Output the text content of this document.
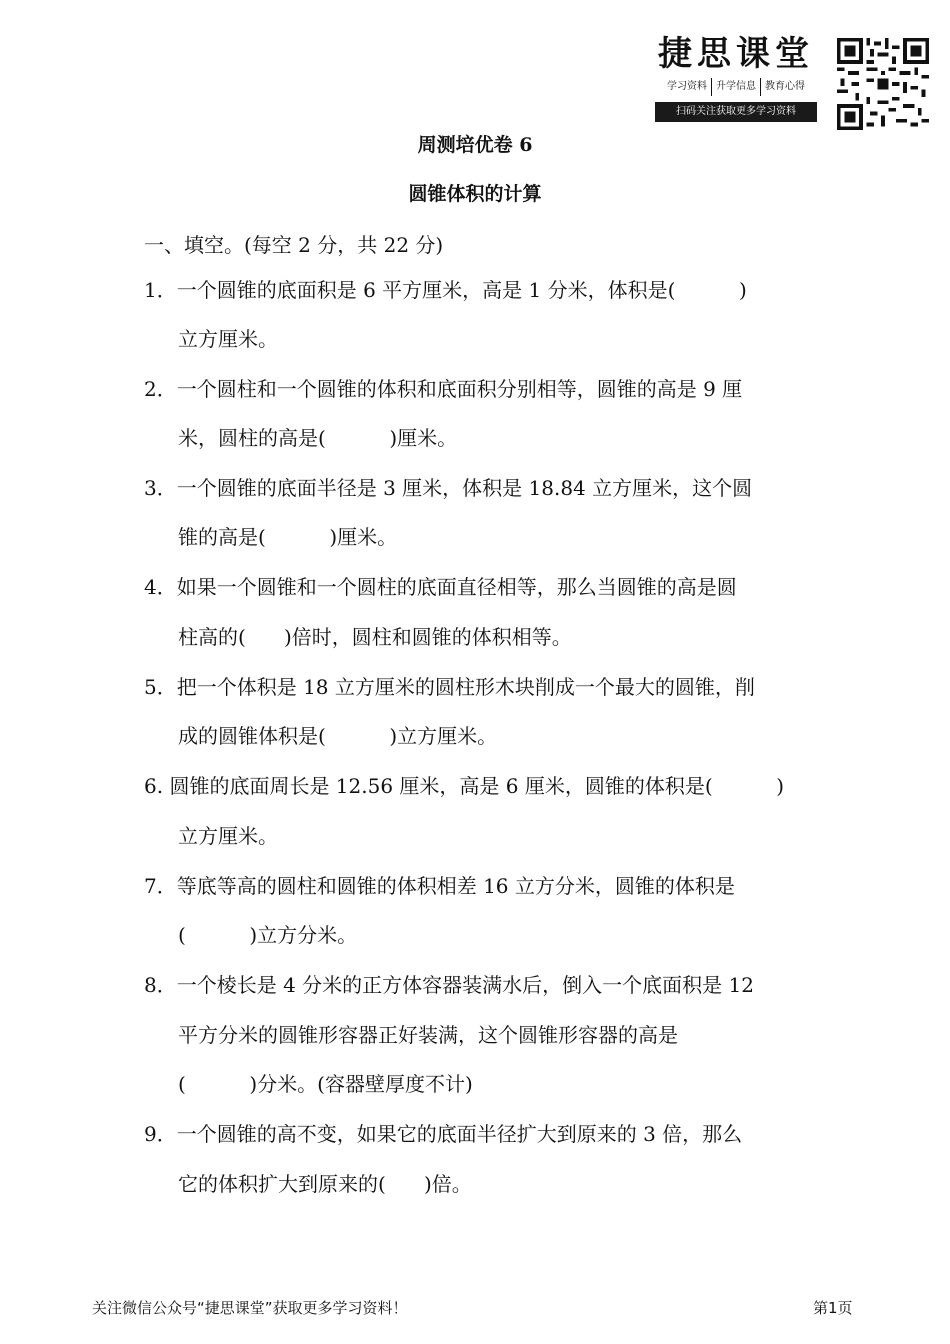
捷思课堂
学习资料 升学信息 教育心得
扫码关注获取更多学习资料
周测培优卷 6
圆锥体积的计算
一、填空。(每空 2 分，共 22 分)
1．一个圆锥的底面积是 6 平方厘米，高是 1 分米，体积是(          )
立方厘米。
2．一个圆柱和一个圆锥的体积和底面积分别相等，圆锥的高是 9 厘
米，圆柱的高是(          )厘米。
3．一个圆锥的底面半径是 3 厘米，体积是 18.84 立方厘米，这个圆
锥的高是(          )厘米。
4．如果一个圆锥和一个圆柱的底面直径相等，那么当圆锥的高是圆
柱高的(      )倍时，圆柱和圆锥的体积相等。
5．把一个体积是 18 立方厘米的圆柱形木块削成一个最大的圆锥，削
成的圆锥体积是(          )立方厘米。
6. 圆锥的底面周长是 12.56 厘米，高是 6 厘米，圆锥的体积是(          )
立方厘米。
7．等底等高的圆柱和圆锥的体积相差 16 立方分米，圆锥的体积是
(          )立方分米。
8．一个棱长是 4 分米的正方体容器装满水后，倒入一个底面积是 12
平方分米的圆锥形容器正好装满，这个圆锥形容器的高是
(          )分米。(容器壁厚度不计)
9．一个圆锥的高不变，如果它的底面半径扩大到原来的 3 倍，那么
它的体积扩大到原来的(      )倍。
关注微信公众号“捷思课堂”获取更多学习资料！	第1页
